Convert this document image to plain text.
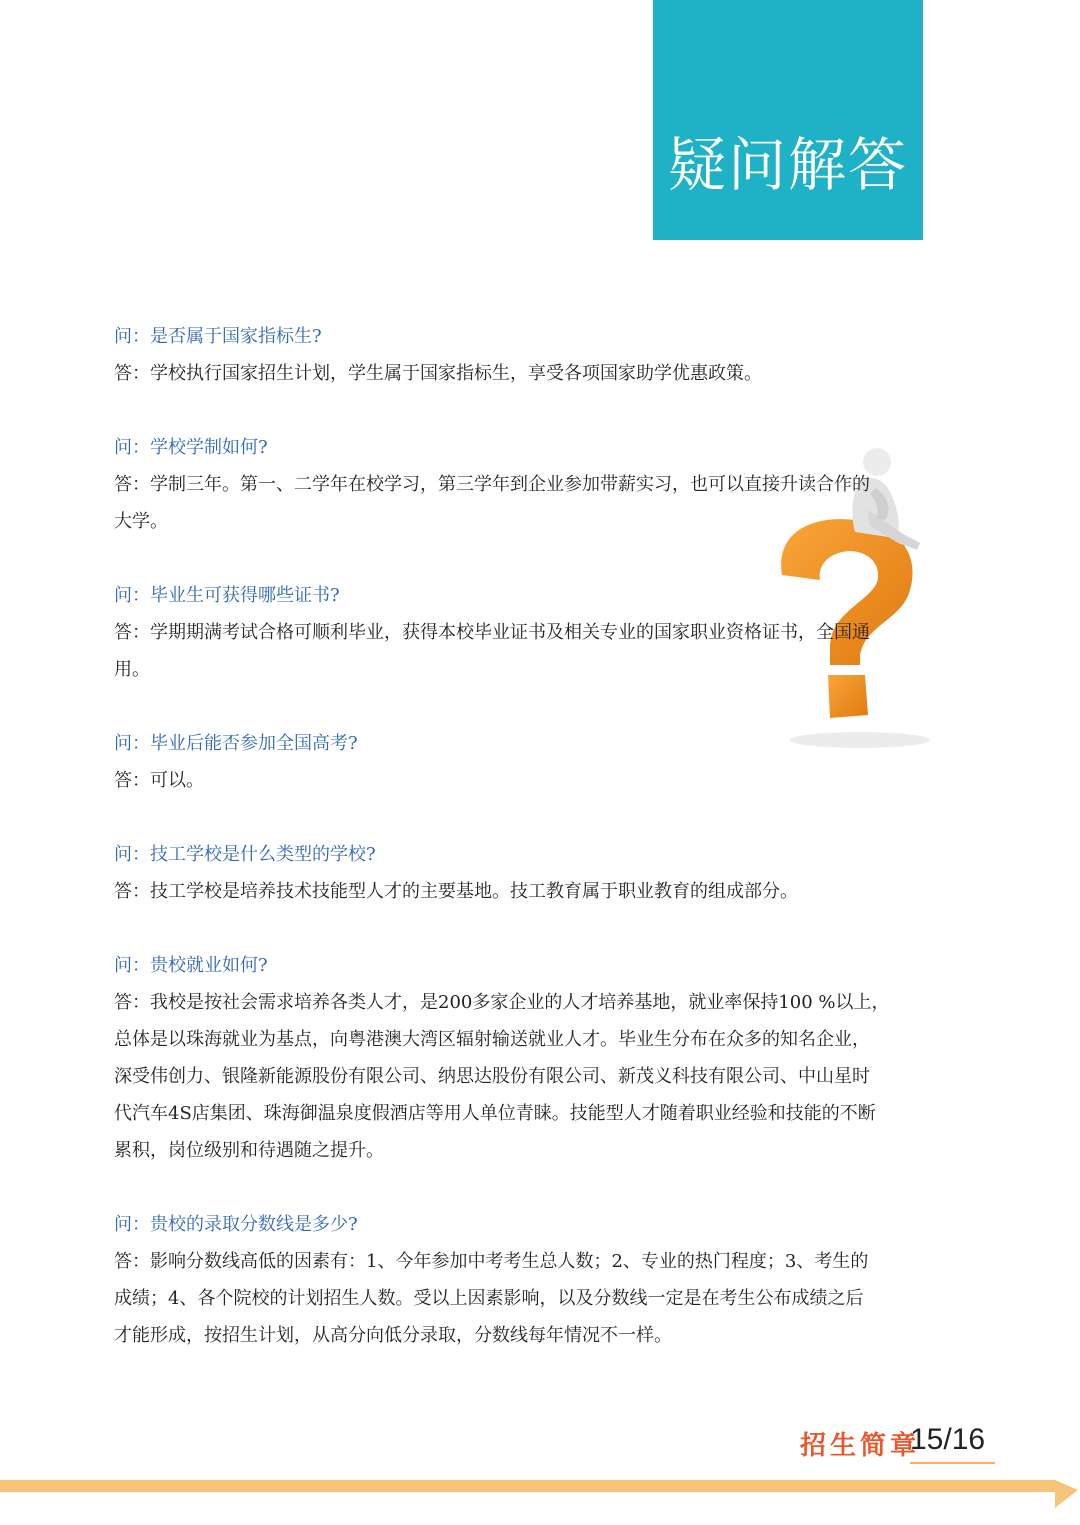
疑问解答
问：是否属于国家指标生?

答：学校执行国家招生计划，学生属于国家指标生，享受各项国家助学优惠政策。

问：学校学制如何?

答：学制三年。第一、二学年在校学习，第三学年到企业参加带薪实习，也可以直接升读合作的

大学。

问：毕业生可获得哪些证书?

答：学期期满考试合格可顺利毕业，获得本校毕业证书及相关专业的国家职业资格证书，全国通

用。

问：毕业后能否参加全国高考?

答：可以。

问：技工学校是什么类型的学校?

答：技工学校是培养技术技能型人才的主要基地。技工教育属于职业教育的组成部分。

问：贵校就业如何?

答：我校是按社会需求培养各类人才，是200多家企业的人才培养基地，就业率保持100 %以上，

总体是以珠海就业为基点，向粤港澳大湾区辐射输送就业人才。毕业生分布在众多的知名企业，

深受伟创力、银隆新能源股份有限公司、纳思达股份有限公司、新茂义科技有限公司、中山星时

代汽车4S店集团、珠海御温泉度假酒店等用人单位青睐。技能型人才随着职业经验和技能的不断

累积，岗位级别和待遇随之提升。

问：贵校的录取分数线是多少?

答：影响分数线高低的因素有：1、今年参加中考考生总人数；2、专业的热门程度；3、考生的

成绩；4、各个院校的计划招生人数。受以上因素影响，以及分数线一定是在考生公布成绩之后

才能形成，按招生计划，从高分向低分录取，分数线每年情况不一样。

招生简章
15/16
